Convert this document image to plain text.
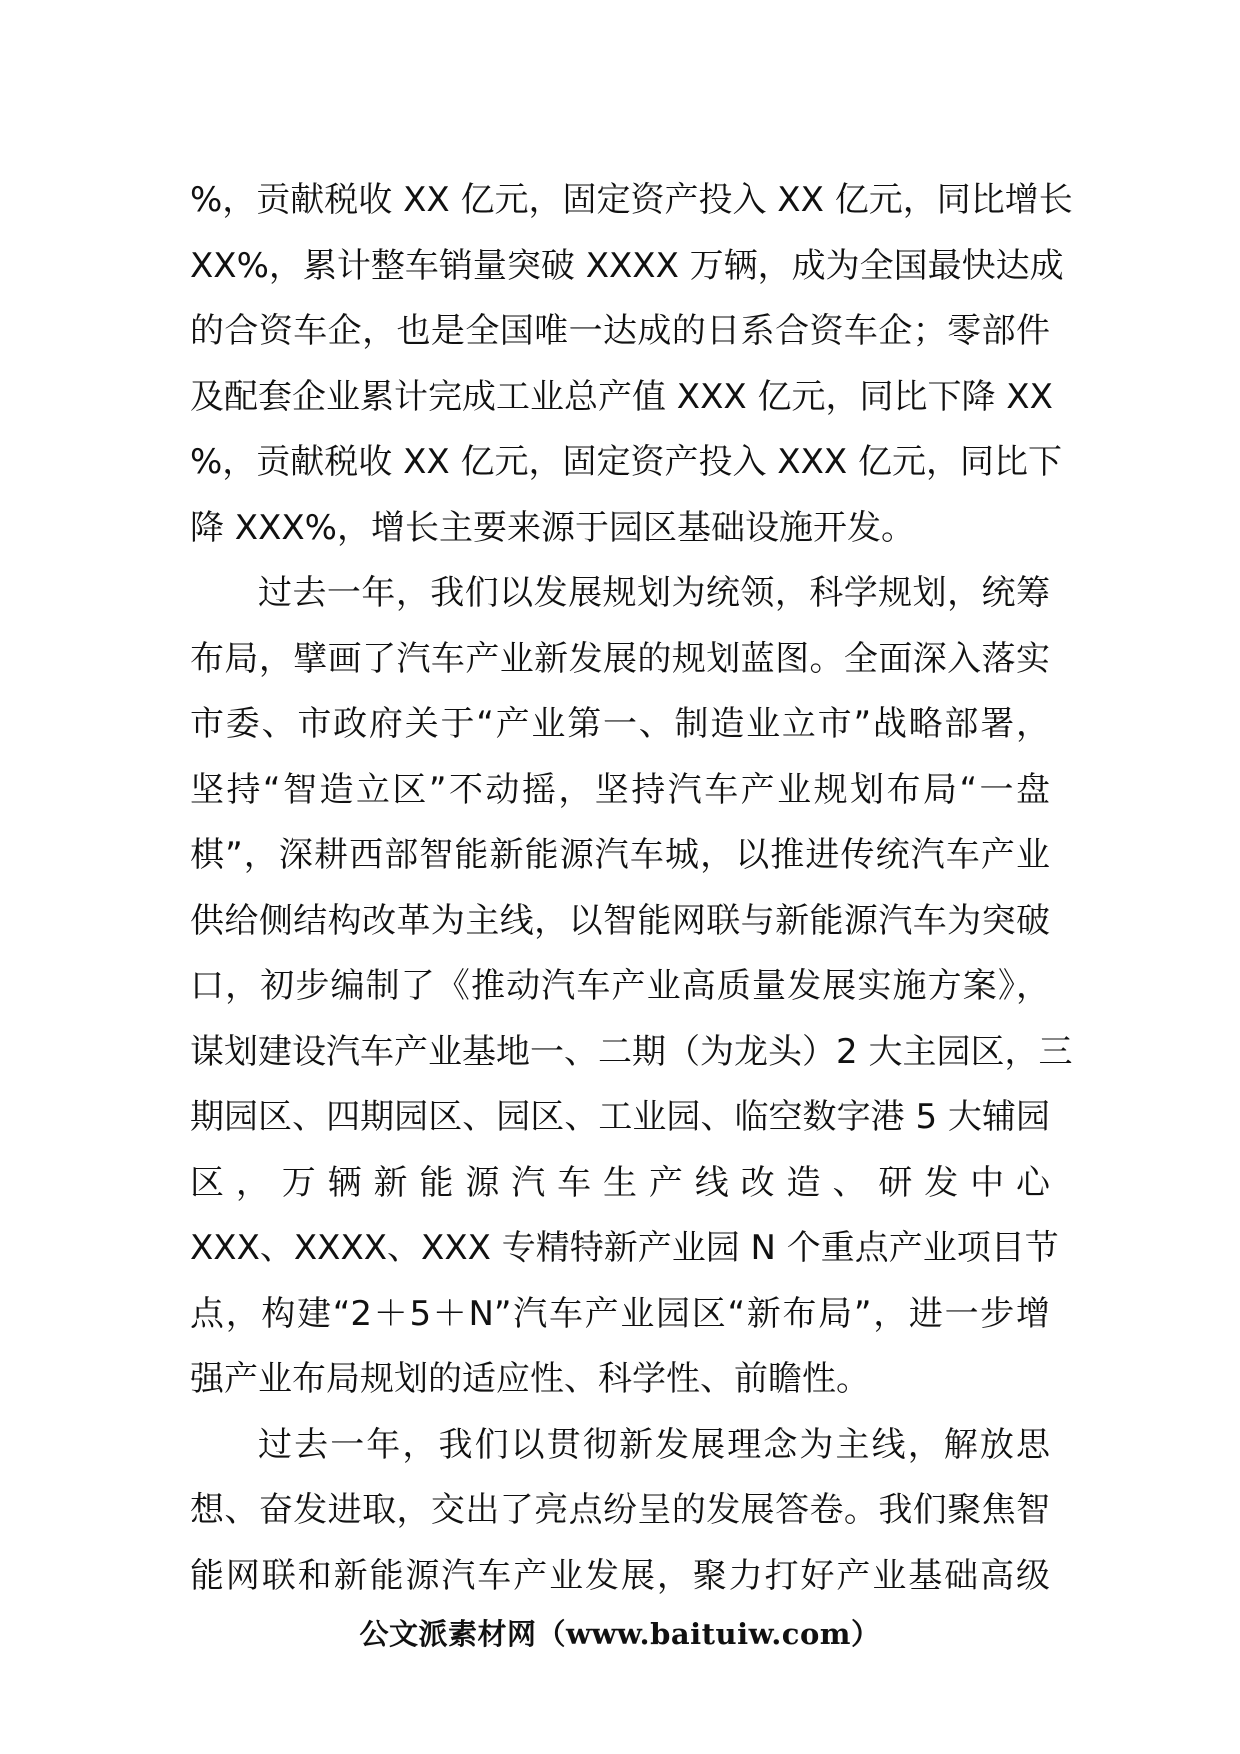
%，贡献税收 XX 亿元，固定资产投入 XX 亿元，同比增长
XX%，累计整车销量突破 XXXX 万辆，成为全国最快达成
的合资车企，也是全国唯一达成的日系合资车企；零部件
及配套企业累计完成工业总产值 XXX 亿元，同比下降 XX
%，贡献税收 XX 亿元，固定资产投入 XXX 亿元，同比下
降 XXX%，增长主要来源于园区基础设施开发。
过去一年，我们以发展规划为统领，科学规划，统筹
布局，擘画了汽车产业新发展的规划蓝图。全面深入落实
市委、市政府关于“产业第一、制造业立市”战略部署，
坚持“智造立区”不动摇，坚持汽车产业规划布局“一盘
棋”，深耕西部智能新能源汽车城，以推进传统汽车产业
供给侧结构改革为主线，以智能网联与新能源汽车为突破
口，初步编制了《推动汽车产业高质量发展实施方案》，
谋划建设汽车产业基地一、二期（为龙头）2 大主园区，三
期园区、四期园区、园区、工业园、临空数字港 5 大辅园
区，万辆新能源汽车生产线改造、研发中心
XXX、XXXX、XXX 专精特新产业园 N 个重点产业项目节
点，构建“2＋5＋N”汽车产业园区“新布局”，进一步增
强产业布局规划的适应性、科学性、前瞻性。
过去一年，我们以贯彻新发展理念为主线，解放思
想、奋发进取，交出了亮点纷呈的发展答卷。我们聚焦智
能网联和新能源汽车产业发展，聚力打好产业基础高级
公文派素材网（www.baituiw.com）
